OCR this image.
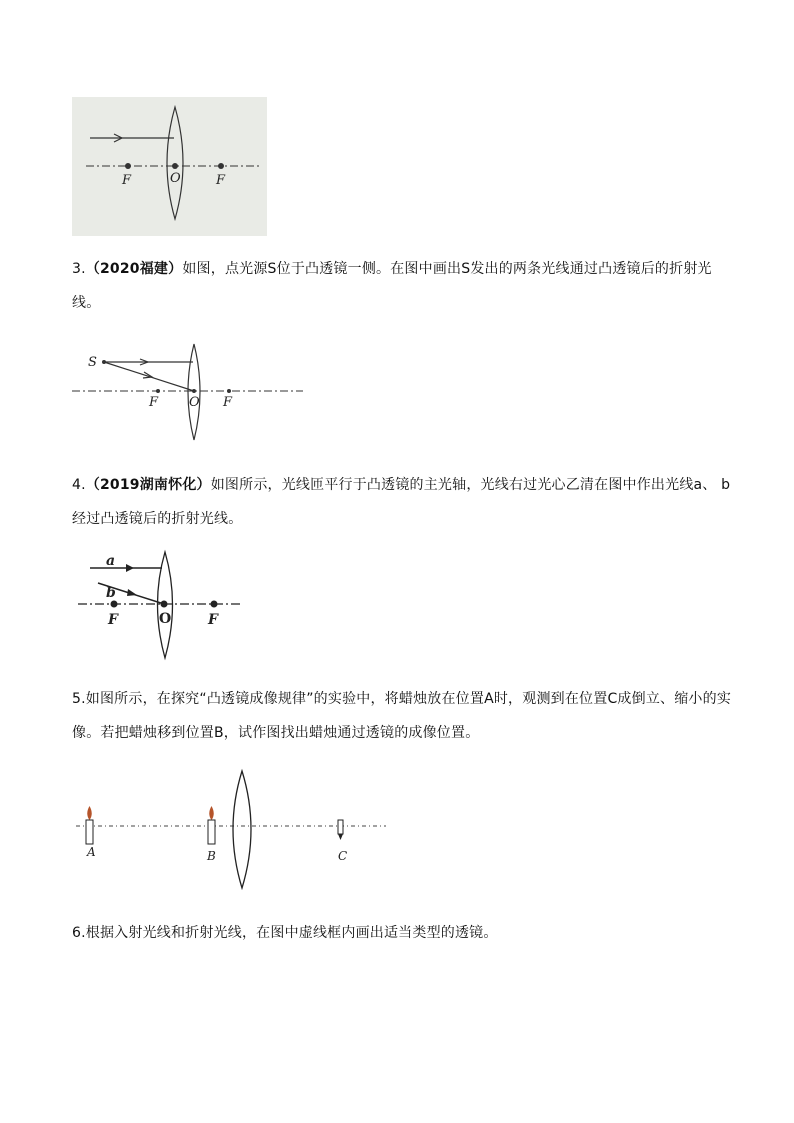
F	O	F
3.（2020福建）如图，点光源S位于凸透镜一侧。在图中画出S发出的两条光线通过凸透镜后的折射光线。
S
F O F
4.（2019湖南怀化）如图所示，光线匝平行于凸透镜的主光轴，光线右过光心乙清在图中作出光线a、 b经过凸透镜后的折射光线。
a
b
F	O	F
5.如图所示，在探究“凸透镜成像规律”的实验中，将蜡烛放在位置A时，观测到在位置C成倒立、缩小的实像。若把蜡烛移到位置B，试作图找出蜡烛通过透镜的成像位置。
A	B	C
6.根据入射光线和折射光线，在图中虚线框内画出适当类型的透镜。
